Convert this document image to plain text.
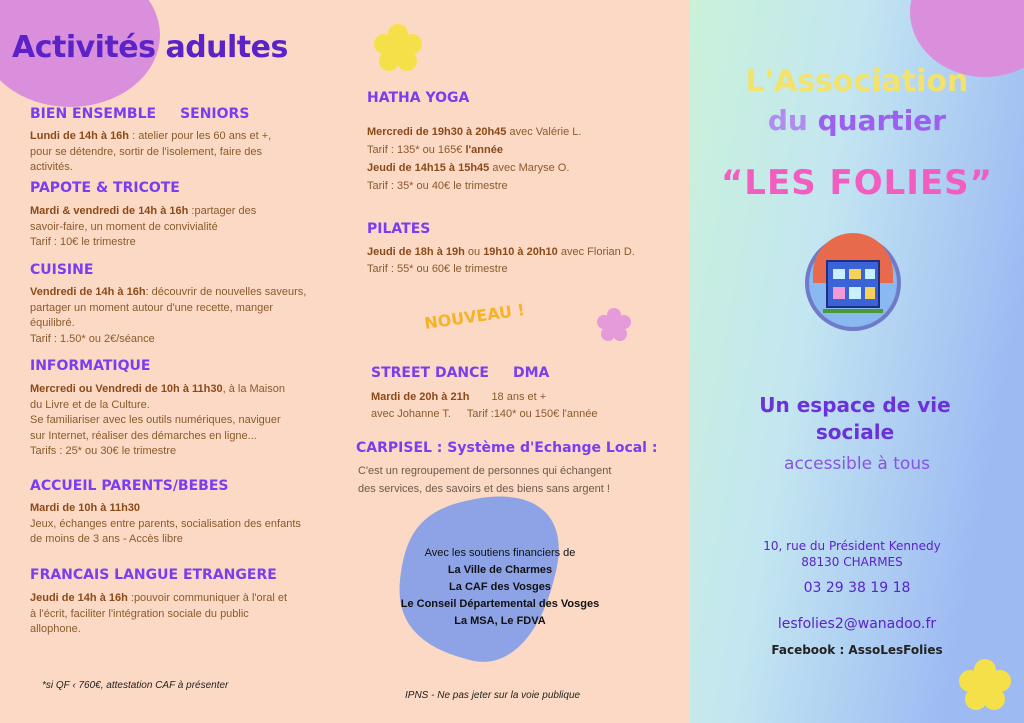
Activités adultes
BIEN ENSEMBLE SENIORS
Lundi de 14h à 16h : atelier pour les 60 ans et +,
pour se détendre, sortir de l'isolement, faire des
activités.
PAPOTE & TRICOTE
Mardi & vendredi de 14h à 16h :partager des
savoir-faire, un moment de convivialité
Tarif : 10€ le trimestre
CUISINE
Vendredi de 14h à 16h: découvrir de nouvelles saveurs,
partager un moment autour d'une recette, manger
équilibré.
Tarif : 1.50* ou 2€/séance
INFORMATIQUE
Mercredi ou Vendredi de 10h à 11h30, à la Maison
du Livre et de la Culture.
Se familiariser avec les outils numériques, naviguer
sur Internet, réaliser des démarches en ligne...
Tarifs : 25* ou 30€ le trimestre
ACCUEIL PARENTS/BEBES
Mardi de 10h à 11h30
Jeux, échanges entre parents, socialisation des enfants
de moins de 3 ans - Accès libre
FRANCAIS LANGUE ETRANGERE
Jeudi de 14h à 16h :pouvoir communiquer à l'oral et
à l'écrit, faciliter l'intégration sociale du public
allophone.
*si QF ‹ 760€, attestation CAF à présenter
HATHA YOGA
Mercredi de 19h30 à 20h45 avec Valérie L.
Tarif : 135* ou 165€ l'année
Jeudi de 14h15 à 15h45 avec Maryse O.
Tarif : 35* ou 40€ le trimestre
PILATES
Jeudi de 18h à 19h ou 19h10 à 20h10 avec Florian D.
Tarif : 55* ou 60€ le trimestre
NOUVEAU !
STREET DANCE DMA
Mardi de 20h à 21h 18 ans et +
avec Johanne T. Tarif :140* ou 150€ l'année
CARPISEL : Système d'Echange Local :
C'est un regroupement de personnes qui échangent
des services, des savoirs et des biens sans argent !
Avec les soutiens financiers de
La Ville de Charmes
La CAF des Vosges
Le Conseil Départemental des Vosges
La MSA, Le FDVA
IPNS - Ne pas jeter sur la voie publique
L'Association
du quartier
“LES FOLIES”
Un espace de vie
sociale
accessible à tous
10, rue du Président Kennedy
88130 CHARMES
03 29 38 19 18
lesfolies2@wanadoo.fr
Facebook : AssoLesFolies
